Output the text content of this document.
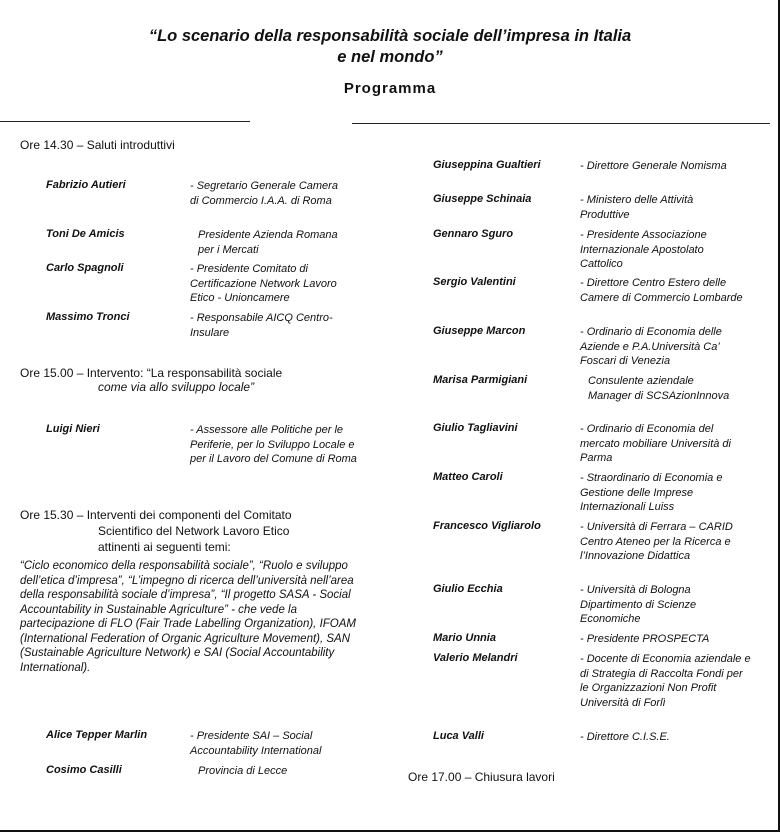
“Lo scenario della responsabilità sociale dell’impresa in Italia
e nel mondo”
Programma
Ore 14.30 – Saluti introduttivi
Ore 15.00 – Intervento: “La responsabilità sociale
come via allo sviluppo locale”
Ore 15.30 – Interventi dei componenti del Comitato
Scientifico del Network Lavoro Etico
attinenti ai seguenti temi:
“Ciclo economico della responsabilità sociale”, “Ruolo e sviluppo dell’etica d’impresa”, “L’impegno di ricerca dell’università nell’area della responsabilità sociale d’impresa”, “Il progetto SASA - Social Accountability in Sustainable Agriculture” - che vede la partecipazione di FLO (Fair Trade Labelling Organization), IFOAM (International Federation of Organic Agriculture Movement), SAN (Sustainable Agriculture Network) e SAI (Social Accountability International).
Ore 17.00 – Chiusura lavori
Fabrizio Autieri	- Segretario Generale Camera di Commercio I.A.A. di Roma
Toni De Amicis	Presidente Azienda Romana per i Mercati
Carlo Spagnoli	- Presidente Comitato di Certificazione Network Lavoro Etico - Unioncamere
Massimo Tronci	- Responsabile AICQ Centro-Insulare
Luigi Nieri	- Assessore alle Politiche per le Periferie, per lo Sviluppo Locale e per il Lavoro del Comune di Roma
Alice Tepper Marlin	- Presidente SAI – Social Accountability International
Cosimo Casilli	Provincia di Lecce
Giuseppina Gualtieri	- Direttore Generale Nomisma
Giuseppe Schinaia	- Ministero delle Attività Produttive
Gennaro Sguro	- Presidente Associazione Internazionale Apostolato Cattolico
Sergio Valentini	- Direttore Centro Estero delle Camere di Commercio Lombarde
Giuseppe Marcon	- Ordinario di Economia delle Aziende e P.A.Università Ca’ Foscari di Venezia
Marisa Parmigiani	Consulente aziendale Manager di SCSAzionInnova
Giulio Tagliavini	- Ordinario di Economia del mercato mobiliare Università di Parma
Matteo Caroli	- Straordinario di Economia e Gestione delle Imprese Internazionali Luiss
Francesco Vigliarolo	- Università di Ferrara – CARID Centro Ateneo per la Ricerca e l’Innovazione Didattica
Giulio Ecchia	- Università di Bologna Dipartimento di Scienze Economiche
Mario Unnia	- Presidente PROSPECTA
Valerio Melandri	- Docente di Economia aziendale e di Strategia di Raccolta Fondi per le Organizzazioni Non Profit Università di Forlì
Luca Valli	- Direttore C.I.S.E.
